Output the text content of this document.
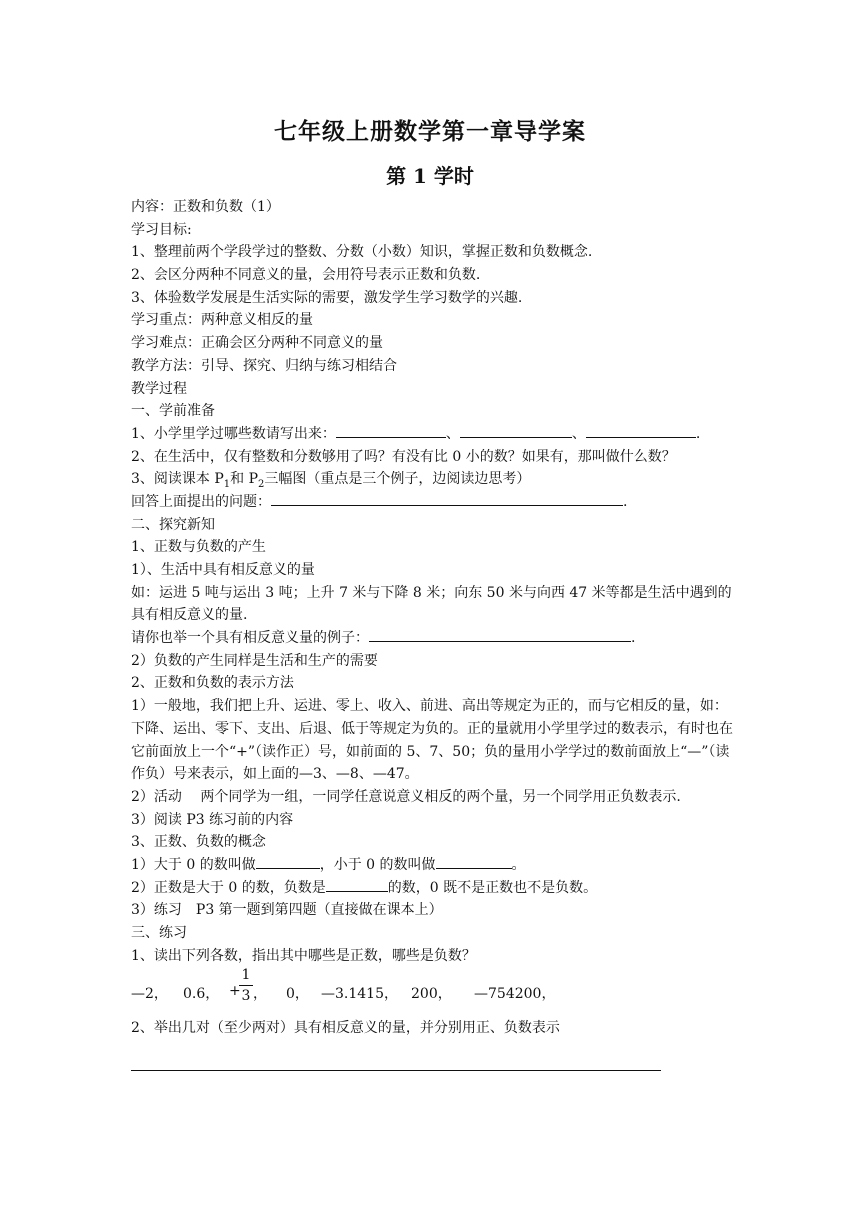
七年级上册数学第一章导学案
第 1 学时
内容：正数和负数（1）
学习目标:
1、整理前两个学段学过的整数、分数（小数）知识，掌握正数和负数概念.
2、会区分两种不同意义的量，会用符号表示正数和负数.
3、体验数学发展是生活实际的需要，激发学生学习数学的兴趣.
学习重点：两种意义相反的量
学习难点：正确会区分两种不同意义的量
教学方法：引导、探究、归纳与练习相结合
教学过程
一、学前准备
1、小学里学过哪些数请写出来：	、	、	.
2、在生活中，仅有整数和分数够用了吗？有没有比 0 小的数？如果有，那叫做什么数？
3、阅读课本 $P_1$和 $P_2$三幅图（重点是三个例子，边阅读边思考）
回答上面提出的问题：	.
二、探究新知
1、正数与负数的产生
1）、生活中具有相反意义的量
如：运进 5 吨与运出 3 吨；上升 7 米与下降 8 米；向东 50 米与向西 47 米等都是生活中遇到的具有相反意义的量.
请你也举一个具有相反意义量的例子：	.
2）负数的产生同样是生活和生产的需要
2、正数和负数的表示方法
1）一般地，我们把上升、运进、零上、收入、前进、高出等规定为正的，而与它相反的量，如：下降、运出、零下、支出、后退、低于等规定为负的。正的量就用小学里学过的数表示，有时也在它前面放上一个“+”（读作正）号，如前面的 5、7、50；负的量用小学学过的数前面放上“—”（读作负）号来表示，如上面的—3、—8、—47。
2）活动　 两个同学为一组，一同学任意说意义相反的两个量，另一个同学用正负数表示.
3）阅读 P3 练习前的内容
3、正数、负数的概念
1）大于 0 的数叫做	，小于 0 的数叫做	。
2）正数是大于 0 的数，负数是	的数，0 既不是正数也不是负数。
3）练习　P3 第一题到第四题（直接做在课本上）
三、练习
1、读出下列各数，指出其中哪些是正数，哪些是负数？
—2， 0.6， +
1
3 ， 0， —3.1415， 200， —754200，
2、举出几对（至少两对）具有相反意义的量，并分别用正、负数表示
